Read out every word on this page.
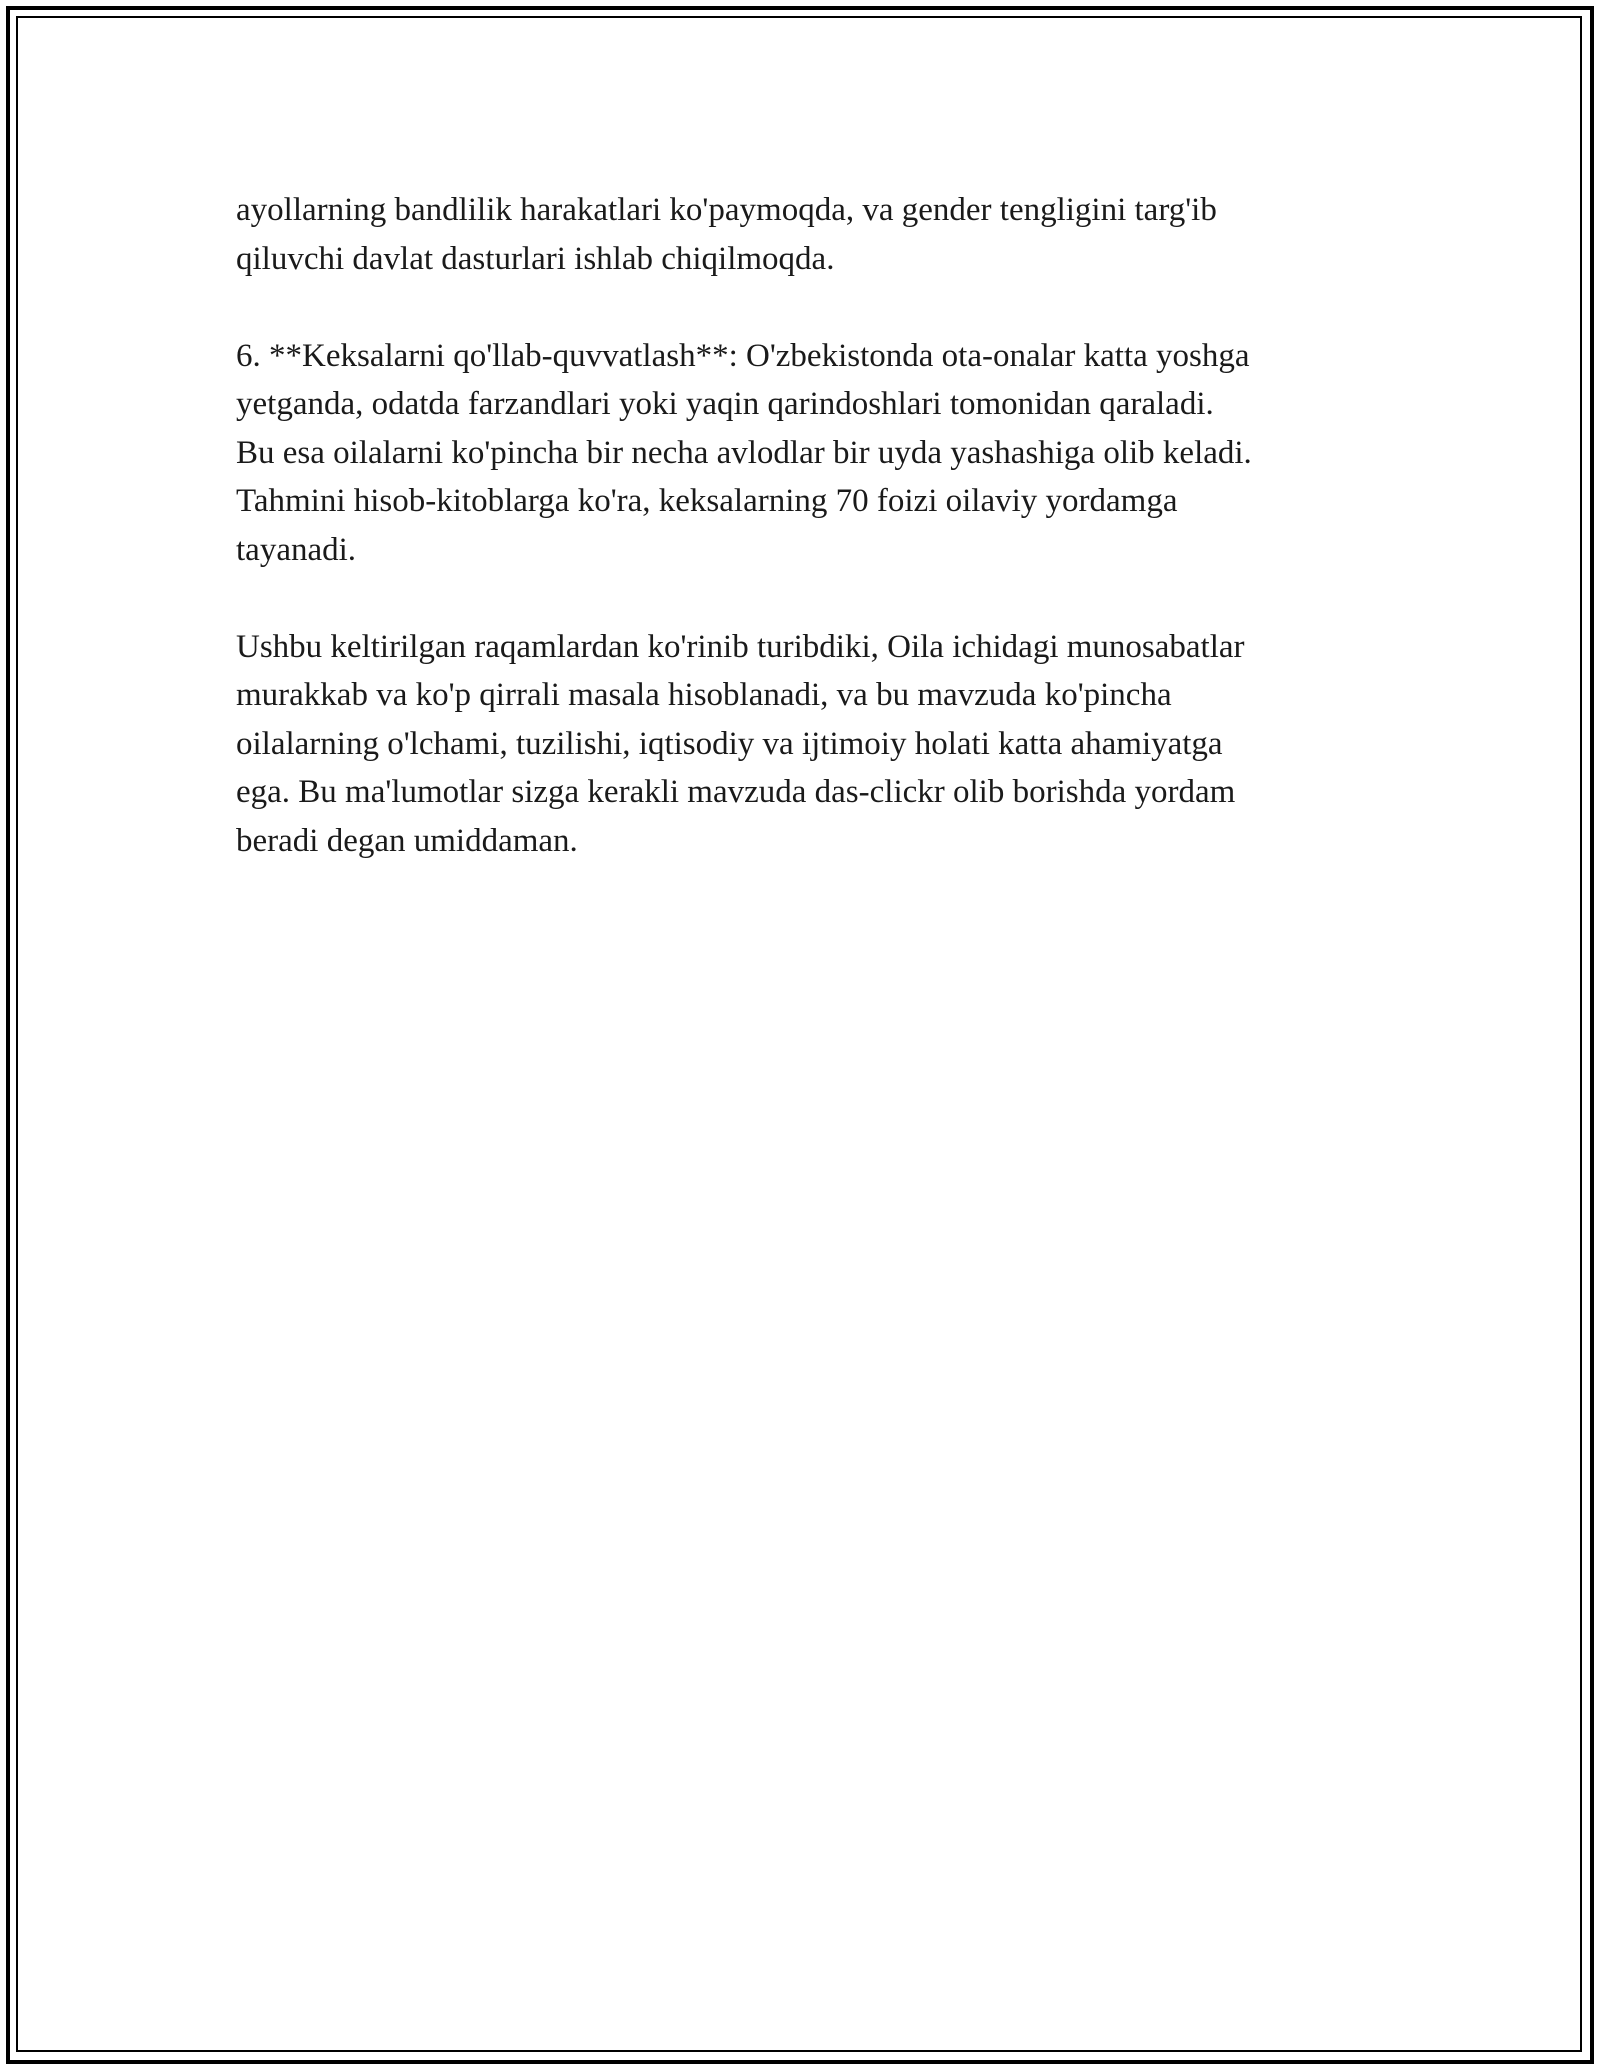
ayollarning bandlilik harakatlari ko'paymoqda, va gender tengligini targ'ib
qiluvchi davlat dasturlari ishlab chiqilmoqda.

6. **Keksalarni qo'llab-quvvatlash**: O'zbekistonda ota-onalar katta yoshga
yetganda, odatda farzandlari yoki yaqin qarindoshlari tomonidan qaraladi.
Bu esa oilalarni ko'pincha bir necha avlodlar bir uyda yashashiga olib keladi.
Tahmini hisob-kitoblarga ko'ra, keksalarning 70 foizi oilaviy yordamga
tayanadi.

Ushbu keltirilgan raqamlardan ko'rinib turibdiki, Oila ichidagi munosabatlar
murakkab va ko'p qirrali masala hisoblanadi, va bu mavzuda ko'pincha
oilalarning o'lchami, tuzilishi, iqtisodiy va ijtimoiy holati katta ahamiyatga
ega. Bu ma'lumotlar sizga kerakli mavzuda das-clickr olib borishda yordam
beradi degan umiddaman.
